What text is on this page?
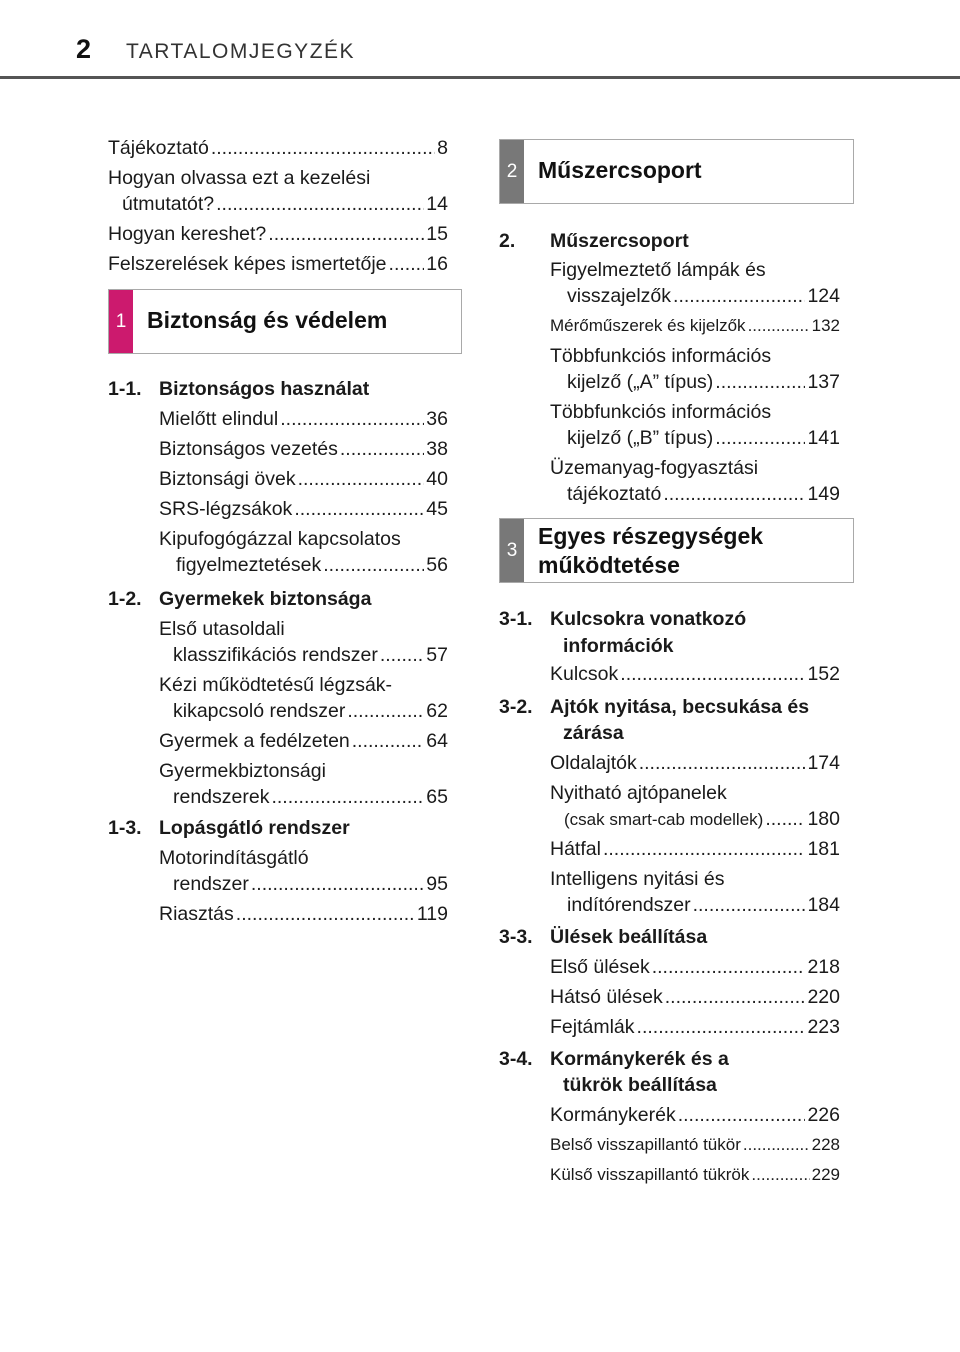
2 TARTALOMJEGYZÉK
Tájékoztató .....	8
Hogyan olvassa ezt a kezelési
útmutatót? .....	14
Hogyan kereshet? .....	15
Felszerelések képes ismertetője ..... 16
1 Biztonság és védelem
1-1. Biztonságos használat
Mielőtt elindul .....	36
Biztonságos vezetés .....	38
Biztonsági övek .....	40
SRS-légzsákok .....	45
Kipufogógázzal kapcsolatos
figyelmeztetések .....	56
1-2. Gyermekek biztonsága
Első utasoldali
klasszifikációs rendszer ..... 57
Kézi működtetésű légzsák-
kikapcsoló rendszer .....	62
Gyermek a fedélzeten .....	64
Gyermekbiztonsági
rendszerek .....	65
1-3. Lopásgátló rendszer
Motorindításgátló
rendszer .....	95
Riasztás .....	119
2 Műszercsoport
2. Műszercsoport
Figyelmeztető lámpák és
visszajelzők .....	124
Mérőműszerek és kijelzők .....	132
Többfunkciós információs
kijelző („A” típus) .....	137
Többfunkciós információs
kijelző („B” típus) .....	141
Üzemanyag-fogyasztási
tájékoztató .....	149
3
Egyes részegységek
működtetése
3-1. Kulcsokra vonatkozó
információk
Kulcsok .....	152
3-2. Ajtók nyitása, becsukása és
zárása
Oldalajtók .....	174
Nyitható ajtópanelek
(csak smart-cab modellek) ..... 180
Hátfal .....	181
Intelligens nyitási és
indítórendszer .....	184
3-3. Ülések beállítása
Első ülések .....	218
Hátsó ülések .....	220
Fejtámlák .....	223
3-4. Kormánykerék és a
tükrök beállítása
Kormánykerék .....	226
Belső visszapillantó tükör .....	228
Külső visszapillantó tükrök .....	229
